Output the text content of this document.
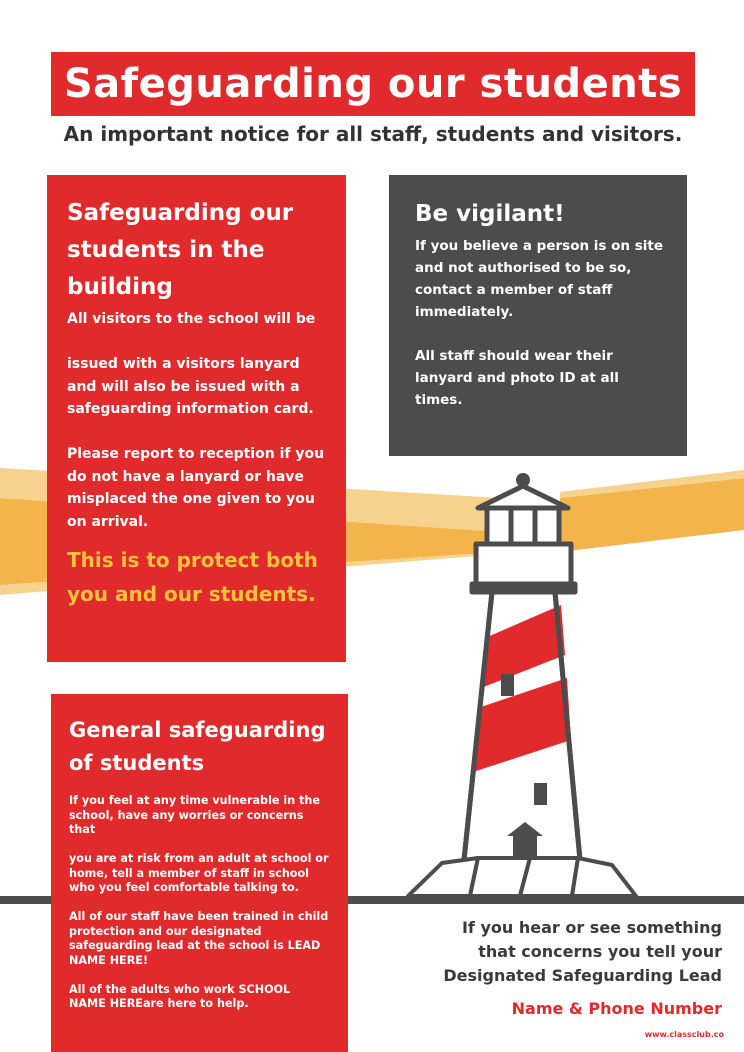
Safeguarding our students
An important notice for all staff, students and visitors.
Safeguarding our students in the building
All visitors to the school will be

issued with a visitors lanyard and will also be issued with a safeguarding information card.

Please report to reception if you do not have a lanyard or have misplaced the one given to you on arrival.
This is to protect both you and our students.
Be vigilant!
If you believe a person is on site and not authorised to be so, contact a member of staff immediately.

All staff should wear their lanyard and photo ID at all times.
General safeguarding
of students
If you feel at any time vulnerable in the school, have any worries or concerns that

you are at risk from an adult at school or home, tell a member of staff in school who you feel comfortable talking to.

All of our staff have been trained in child protection and our designated safeguarding lead at the school is LEAD NAME HERE!

All of the adults who work SCHOOL NAME HEREare here to help.
If you hear or see something
that concerns you tell your
Designated Safeguarding Lead
Name & Phone Number
www.classclub.co
